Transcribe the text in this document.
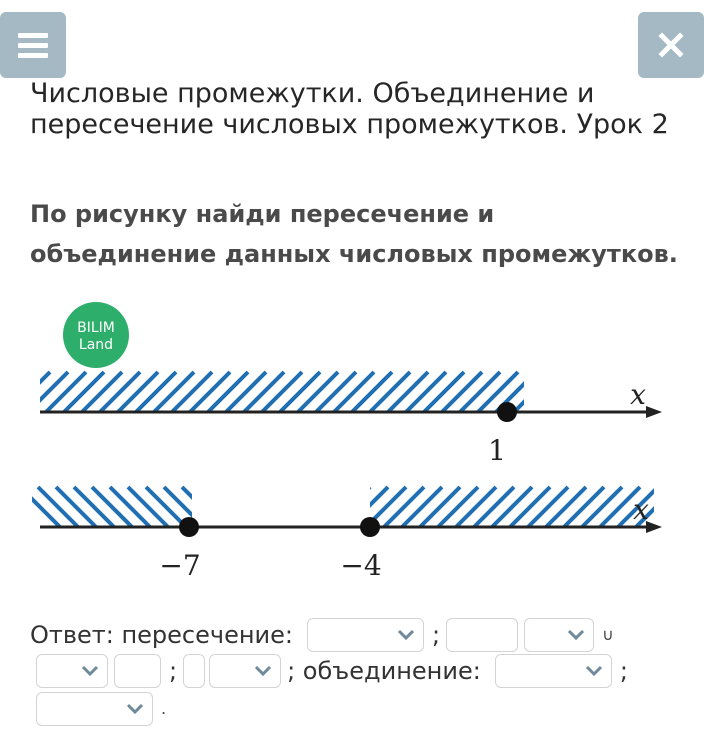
Числовые промежутки. Объединение и пересечение числовых промежутков. Урок 2

По рисунку найди пересечение и объединение данных числовых промежутков.

BILIM
Land
x
1
x
−7	−4
Ответ: пересечение:	;	∪
;	; объединение:	;
.
